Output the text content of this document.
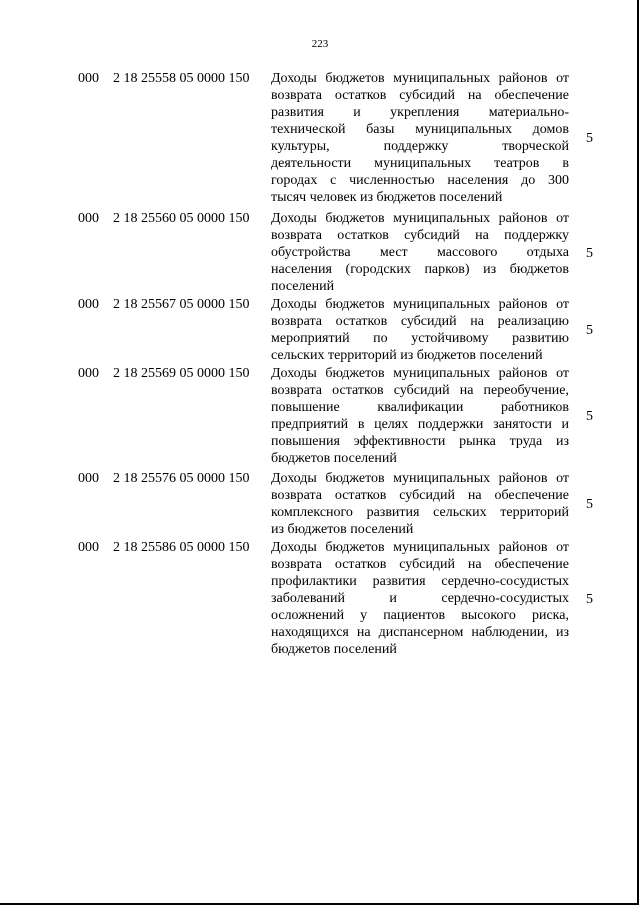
223
000	2 18 25558 05 0000 150	Доходы бюджетов муниципальных районов от
возврата остатков субсидий на обеспечение
развития и укрепления материально-
технической базы муниципальных домов
культуры, поддержку творческой
деятельности муниципальных театров в
городах с численностью населения до 300
тысяч человек из бюджетов поселений
5
000	2 18 25560 05 0000 150	Доходы бюджетов муниципальных районов от
возврата остатков субсидий на поддержку
обустройства мест массового отдыха
населения (городских парков) из бюджетов
поселений
5
000	2 18 25567 05 0000 150	Доходы бюджетов муниципальных районов от
возврата остатков субсидий на реализацию
мероприятий по устойчивому развитию
сельских территорий из бюджетов поселений
5
000	2 18 25569 05 0000 150	Доходы бюджетов муниципальных районов от
возврата остатков субсидий на переобучение,
повышение квалификации работников
предприятий в целях поддержки занятости и
повышения эффективности рынка труда из
бюджетов поселений
5
000	2 18 25576 05 0000 150	Доходы бюджетов муниципальных районов от
возврата остатков субсидий на обеспечение
комплексного развития сельских территорий
из бюджетов поселений
5
000	2 18 25586 05 0000 150	Доходы бюджетов муниципальных районов от
возврата остатков субсидий на обеспечение
профилактики развития сердечно-сосудистых
заболеваний и сердечно-сосудистых
осложнений у пациентов высокого риска,
находящихся на диспансерном наблюдении, из
бюджетов поселений
5
